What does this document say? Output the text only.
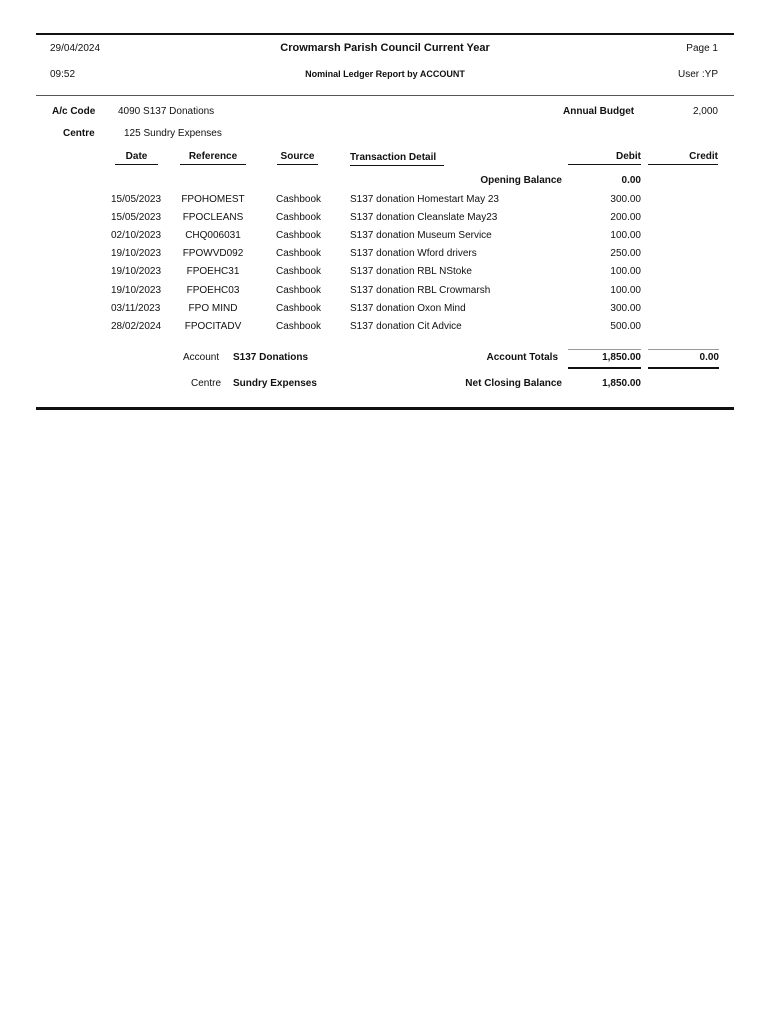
29/04/2024	Crowmarsh Parish Council Current Year	Page 1
09:52	Nominal Ledger Report by ACCOUNT	User :YP
A/c Code 4090 S137 Donations	Annual Budget	2,000
Centre	125 Sundry Expenses
Date	Reference	Source	Transaction Detail	Debit	Credit
Opening Balance	0.00
15/05/2023	FPOHOMEST	Cashbook	S137 donation Homestart May 23	300.00
15/05/2023	FPOCLEANS	Cashbook	S137 donation Cleanslate May23	200.00
02/10/2023	CHQ006031	Cashbook	S137 donation Museum Service	100.00
19/10/2023	FPOWVD092	Cashbook	S137 donation Wford drivers	250.00
19/10/2023	FPOEHC31	Cashbook	S137 donation RBL NStoke	100.00
19/10/2023	FPOEHC03	Cashbook	S137 donation RBL Crowmarsh	100.00
03/11/2023	FPO MIND	Cashbook	S137 donation Oxon Mind	300.00
28/02/2024	FPOCITADV	Cashbook	S137 donation Cit Advice	500.00
Account S137 Donations	Account Totals	1,850.00	0.00
Centre Sundry Expenses	Net Closing Balance	1,850.00
